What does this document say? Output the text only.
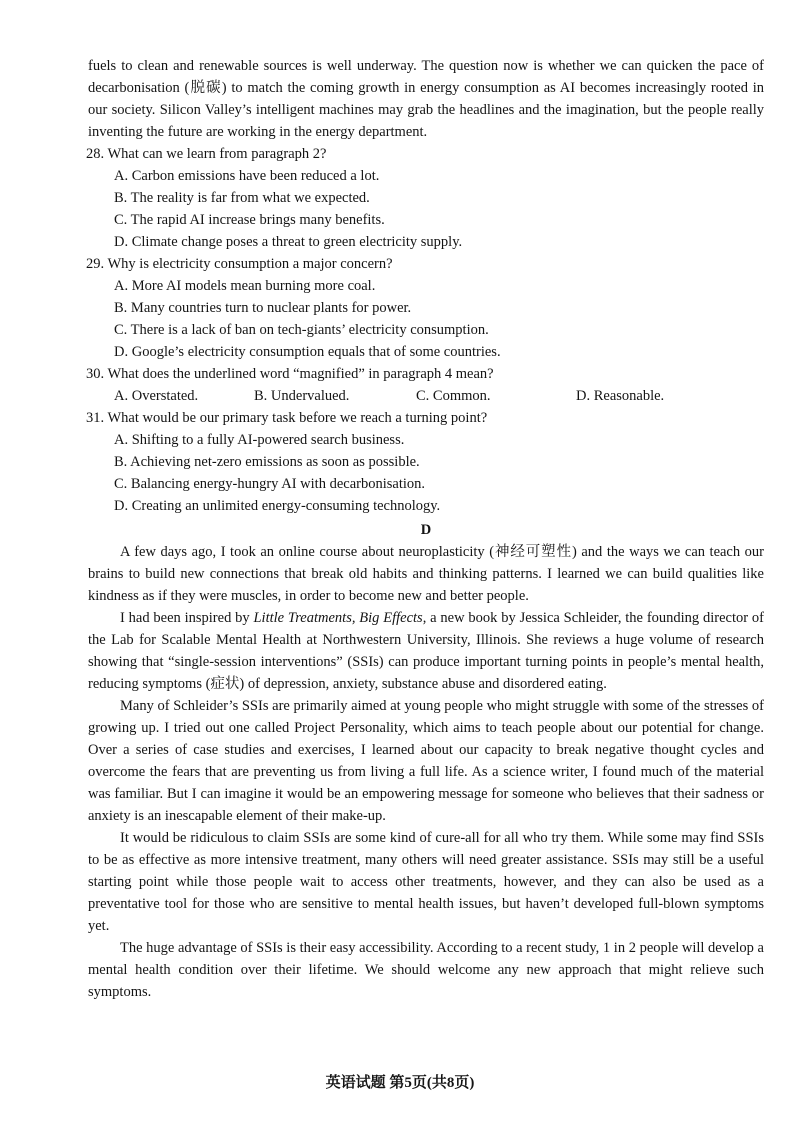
fuels to clean and renewable sources is well underway. The question now is whether we can quicken the pace of decarbonisation (脱碳) to match the coming growth in energy consumption as AI becomes increasingly rooted in our society. Silicon Valley’s intelligent machines may grab the headlines and the imagination, but the people really inventing the future are working in the energy department.

28. What can we learn from paragraph 2?

A. Carbon emissions have been reduced a lot.

B. The reality is far from what we expected.

C. The rapid AI increase brings many benefits.

D. Climate change poses a threat to green electricity supply.

29. Why is electricity consumption a major concern?

A. More AI models mean burning more coal.

B. Many countries turn to nuclear plants for power.

C. There is a lack of ban on tech-giants’ electricity consumption.

D. Google’s electricity consumption equals that of some countries.

30. What does the underlined word “magnified” in paragraph 4 mean?

A. Overstated.	B. Undervalued.	C. Common.	D. Reasonable.

31. What would be our primary task before we reach a turning point?

A. Shifting to a fully AI-powered search business.

B. Achieving net-zero emissions as soon as possible.

C. Balancing energy-hungry AI with decarbonisation.

D. Creating an unlimited energy-consuming technology.

D

A few days ago, I took an online course about neuroplasticity (神经可塑性) and the ways we can teach our brains to build new connections that break old habits and thinking patterns. I learned we can build qualities like kindness as if they were muscles, in order to become new and better people.

I had been inspired by Little Treatments, Big Effects, a new book by Jessica Schleider, the founding director of the Lab for Scalable Mental Health at Northwestern University, Illinois. She reviews a huge volume of research showing that “single-session interventions” (SSIs) can produce important turning points in people’s mental health, reducing symptoms (症状) of depression, anxiety, substance abuse and disordered eating.

Many of Schleider’s SSIs are primarily aimed at young people who might struggle with some of the stresses of growing up. I tried out one called Project Personality, which aims to teach people about our potential for change. Over a series of case studies and exercises, I learned about our capacity to break negative thought cycles and overcome the fears that are preventing us from living a full life. As a science writer, I found much of the material was familiar. But I can imagine it would be an empowering message for someone who believes that their sadness or anxiety is an inescapable element of their make-up.

It would be ridiculous to claim SSIs are some kind of cure-all for all who try them. While some may find SSIs to be as effective as more intensive treatment, many others will need greater assistance. SSIs may still be a useful starting point while those people wait to access other treatments, however, and they can also be used as a preventative tool for those who are sensitive to mental health issues, but haven’t developed full-blown symptoms yet.

The huge advantage of SSIs is their easy accessibility. According to a recent study, 1 in 2 people will develop a mental health condition over their lifetime. We should welcome any new approach that might relieve such symptoms.

英语试题 第5页(共8页)
